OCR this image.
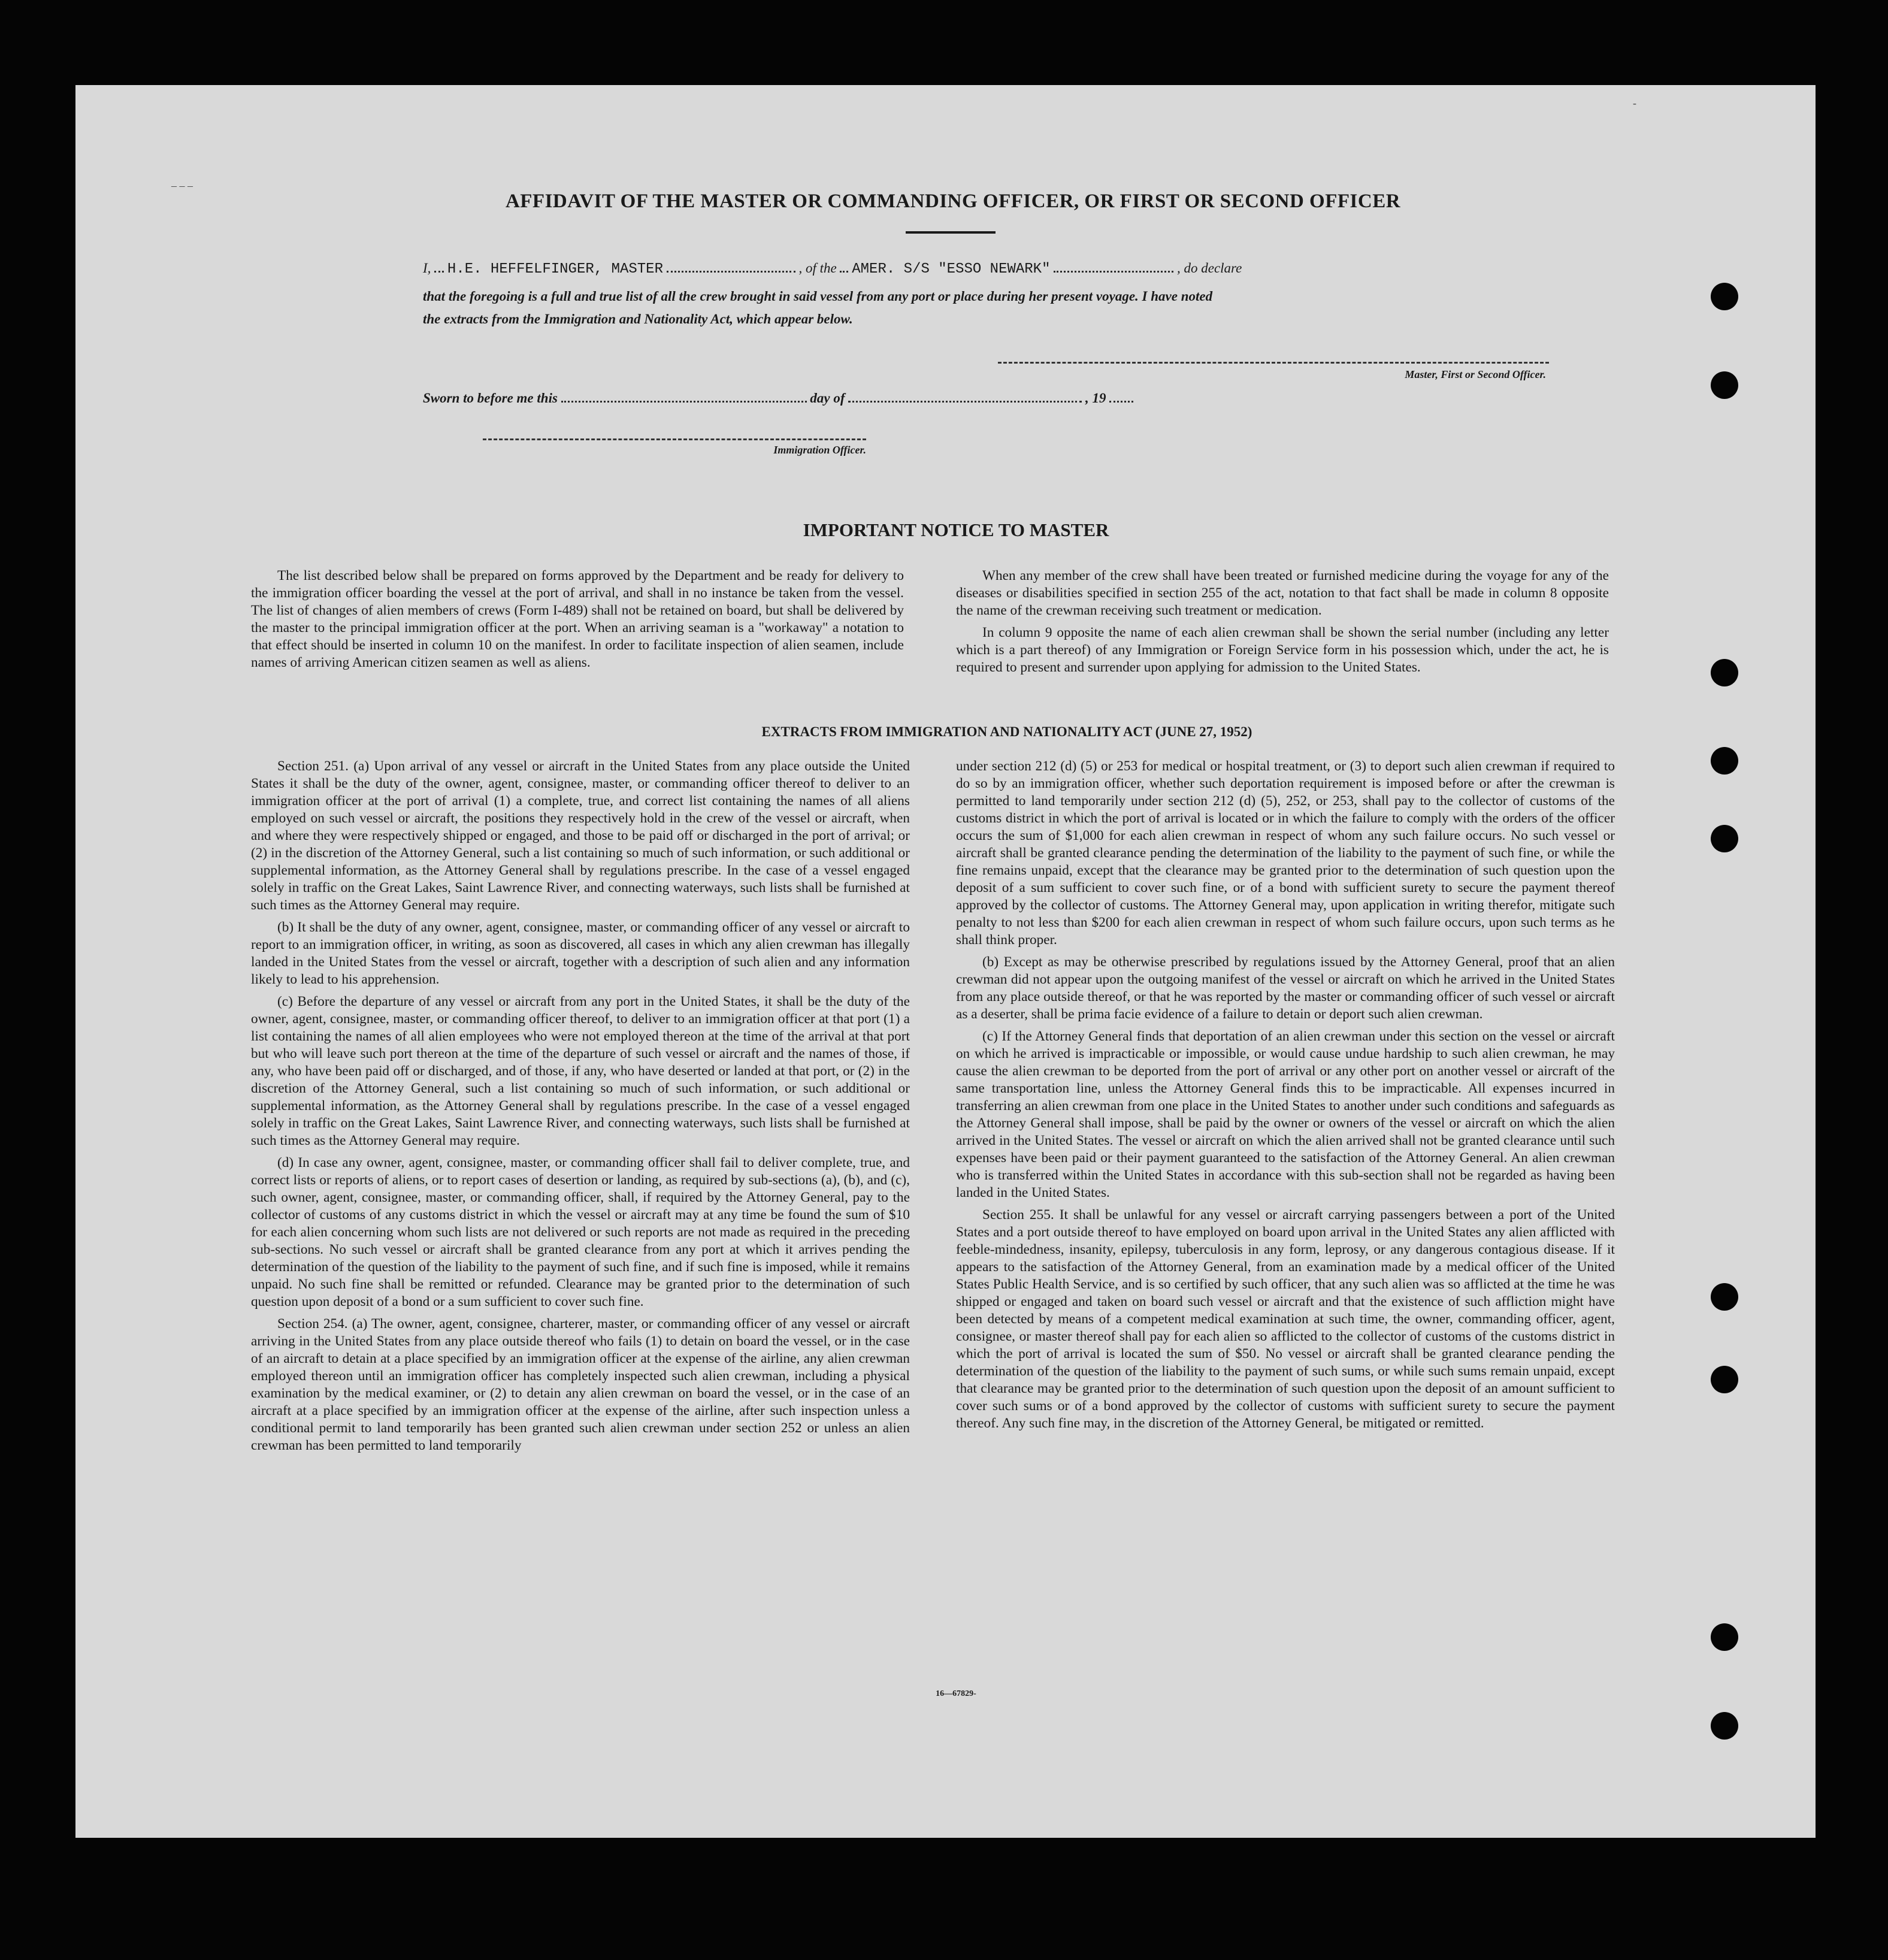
– – –
-
AFFIDAVIT OF THE MASTER OR COMMANDING OFFICER, OR FIRST OR SECOND OFFICER
I, H.E. HEFFELFINGER, MASTER	, of the AMER. S/S "ESSO NEWARK"	, do declare
that the foregoing is a full and true list of all the crew brought in said vessel from any port or place during her present voyage. I have noted
the extracts from the Immigration and Nationality Act, which appear below.
Master, First or Second Officer.
Sworn to before me this	day of	, 19
Immigration Officer.
IMPORTANT NOTICE TO MASTER

The list described below shall be prepared on forms approved by the Department and be ready for delivery to the immigration officer boarding the vessel at the port of arrival, and shall in no instance be taken from the vessel. The list of changes of alien members of crews (Form I-489) shall not be retained on board, but shall be delivered by the master to the principal immigration officer at the port. When an arriving seaman is a "workaway" a notation to that effect should be inserted in column 10 on the manifest. In order to facilitate inspection of alien seamen, include names of arriving American citizen seamen as well as aliens.

When any member of the crew shall have been treated or furnished medicine during the voyage for any of the diseases or disabilities specified in section 255 of the act, notation to that fact shall be made in column 8 opposite the name of the crewman receiving such treatment or medication.

In column 9 opposite the name of each alien crewman shall be shown the serial number (including any letter which is a part thereof) of any Immigration or Foreign Service form in his possession which, under the act, he is required to present and surrender upon applying for admission to the United States.

EXTRACTS FROM IMMIGRATION AND NATIONALITY ACT (JUNE 27, 1952)

Section 251. (a) Upon arrival of any vessel or aircraft in the United States from any place outside the United States it shall be the duty of the owner, agent, consignee, master, or commanding officer thereof to deliver to an immigration officer at the port of arrival (1) a complete, true, and correct list containing the names of all aliens employed on such vessel or aircraft, the positions they respectively hold in the crew of the vessel or aircraft, when and where they were respectively shipped or engaged, and those to be paid off or discharged in the port of arrival; or (2) in the discretion of the Attorney General, such a list containing so much of such information, or such additional or supplemental information, as the Attorney General shall by regulations prescribe. In the case of a vessel engaged solely in traffic on the Great Lakes, Saint Lawrence River, and connecting waterways, such lists shall be furnished at such times as the Attorney General may require.

(b) It shall be the duty of any owner, agent, consignee, master, or commanding officer of any vessel or aircraft to report to an immigration officer, in writing, as soon as discovered, all cases in which any alien crewman has illegally landed in the United States from the vessel or aircraft, together with a description of such alien and any information likely to lead to his apprehension.

(c) Before the departure of any vessel or aircraft from any port in the United States, it shall be the duty of the owner, agent, consignee, master, or commanding officer thereof, to deliver to an immigration officer at that port (1) a list containing the names of all alien employees who were not employed thereon at the time of the arrival at that port but who will leave such port thereon at the time of the departure of such vessel or aircraft and the names of those, if any, who have been paid off or discharged, and of those, if any, who have deserted or landed at that port, or (2) in the discretion of the Attorney General, such a list containing so much of such information, or such additional or supplemental information, as the Attorney General shall by regulations prescribe. In the case of a vessel engaged solely in traffic on the Great Lakes, Saint Lawrence River, and connecting waterways, such lists shall be furnished at such times as the Attorney General may require.

(d) In case any owner, agent, consignee, master, or commanding officer shall fail to deliver complete, true, and correct lists or reports of aliens, or to report cases of desertion or landing, as required by sub-sections (a), (b), and (c), such owner, agent, consignee, master, or commanding officer, shall, if required by the Attorney General, pay to the collector of customs of any customs district in which the vessel or aircraft may at any time be found the sum of $10 for each alien concerning whom such lists are not delivered or such reports are not made as required in the preceding sub-sections. No such vessel or aircraft shall be granted clearance from any port at which it arrives pending the determination of the question of the liability to the payment of such fine, and if such fine is imposed, while it remains unpaid. No such fine shall be remitted or refunded. Clearance may be granted prior to the determination of such question upon deposit of a bond or a sum sufficient to cover such fine.

Section 254. (a) The owner, agent, consignee, charterer, master, or commanding officer of any vessel or aircraft arriving in the United States from any place outside thereof who fails (1) to detain on board the vessel, or in the case of an aircraft to detain at a place specified by an immigration officer at the expense of the airline, any alien crewman employed thereon until an immigration officer has completely inspected such alien crewman, including a physical examination by the medical examiner, or (2) to detain any alien crewman on board the vessel, or in the case of an aircraft at a place specified by an immigration officer at the expense of the airline, after such inspection unless a conditional permit to land temporarily has been granted such alien crewman under section 252 or unless an alien crewman has been permitted to land temporarily

under section 212 (d) (5) or 253 for medical or hospital treatment, or (3) to deport such alien crewman if required to do so by an immigration officer, whether such deportation requirement is imposed before or after the crewman is permitted to land temporarily under section 212 (d) (5), 252, or 253, shall pay to the collector of customs of the customs district in which the port of arrival is located or in which the failure to comply with the orders of the officer occurs the sum of $1,000 for each alien crewman in respect of whom any such failure occurs. No such vessel or aircraft shall be granted clearance pending the determination of the liability to the payment of such fine, or while the fine remains unpaid, except that the clearance may be granted prior to the determination of such question upon the deposit of a sum sufficient to cover such fine, or of a bond with sufficient surety to secure the payment thereof approved by the collector of customs. The Attorney General may, upon application in writing therefor, mitigate such penalty to not less than $200 for each alien crewman in respect of whom such failure occurs, upon such terms as he shall think proper.

(b) Except as may be otherwise prescribed by regulations issued by the Attorney General, proof that an alien crewman did not appear upon the outgoing manifest of the vessel or aircraft on which he arrived in the United States from any place outside thereof, or that he was reported by the master or commanding officer of such vessel or aircraft as a deserter, shall be prima facie evidence of a failure to detain or deport such alien crewman.

(c) If the Attorney General finds that deportation of an alien crewman under this section on the vessel or aircraft on which he arrived is impracticable or impossible, or would cause undue hardship to such alien crewman, he may cause the alien crewman to be deported from the port of arrival or any other port on another vessel or aircraft of the same transportation line, unless the Attorney General finds this to be impracticable. All expenses incurred in transferring an alien crewman from one place in the United States to another under such conditions and safeguards as the Attorney General shall impose, shall be paid by the owner or owners of the vessel or aircraft on which the alien arrived in the United States. The vessel or aircraft on which the alien arrived shall not be granted clearance until such expenses have been paid or their payment guaranteed to the satisfaction of the Attorney General. An alien crewman who is transferred within the United States in accordance with this sub-section shall not be regarded as having been landed in the United States.

Section 255. It shall be unlawful for any vessel or aircraft carrying passengers between a port of the United States and a port outside thereof to have employed on board upon arrival in the United States any alien afflicted with feeble-mindedness, insanity, epilepsy, tuberculosis in any form, leprosy, or any dangerous contagious disease. If it appears to the satisfaction of the Attorney General, from an examination made by a medical officer of the United States Public Health Service, and is so certified by such officer, that any such alien was so afflicted at the time he was shipped or engaged and taken on board such vessel or aircraft and that the existence of such affliction might have been detected by means of a competent medical examination at such time, the owner, commanding officer, agent, consignee, or master thereof shall pay for each alien so afflicted to the collector of customs of the customs district in which the port of arrival is located the sum of $50. No vessel or aircraft shall be granted clearance pending the determination of the question of the liability to the payment of such sums, or while such sums remain unpaid, except that clearance may be granted prior to the determination of such question upon the deposit of an amount sufficient to cover such sums or of a bond approved by the collector of customs with sufficient surety to secure the payment thereof. Any such fine may, in the discretion of the Attorney General, be mitigated or remitted.

16—67829-
